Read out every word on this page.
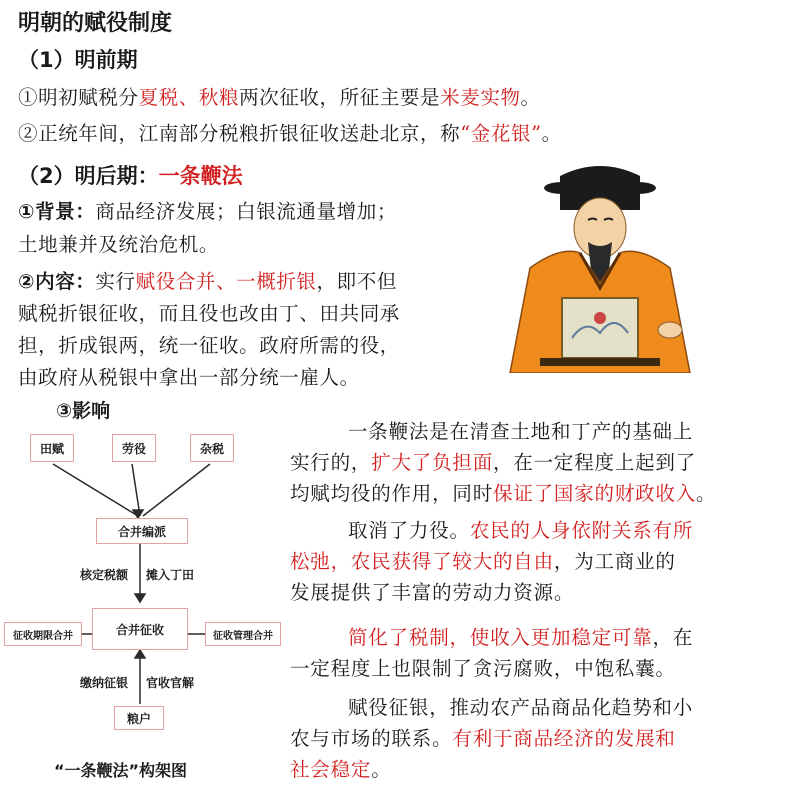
明朝的赋役制度
（1）明前期
①明初赋税分夏税、秋粮两次征收，所征主要是米麦实物。
②正统年间，江南部分税粮折银征收送赴北京，称“金花银”。
（2）明后期：一条鞭法
①背景：商品经济发展；白银流通量增加；
土地兼并及统治危机。
②内容：实行赋役合并、一概折银，即不但
赋税折银征收，而且役也改由丁、田共同承
担，折成银两，统一征收。政府所需的役，
由政府从税银中拿出一部分统一雇人。
③影响
田赋	劳役	杂税
合并编派
核定税额 摊入丁田
合并征收
征收期限合并	征收管理合并
缴纳征银 官收官解
粮户
“一条鞭法”构架图
一条鞭法是在清查土地和丁产的基础上
实行的，扩大了负担面，在一定程度上起到了
均赋均役的作用，同时保证了国家的财政收入。
取消了力役。农民的人身依附关系有所
松弛，农民获得了较大的自由，为工商业的
发展提供了丰富的劳动力资源。
简化了税制，使收入更加稳定可靠，在
一定程度上也限制了贪污腐败，中饱私囊。
赋役征银，推动农产品商品化趋势和小
农与市场的联系。有利于商品经济的发展和
社会稳定。
